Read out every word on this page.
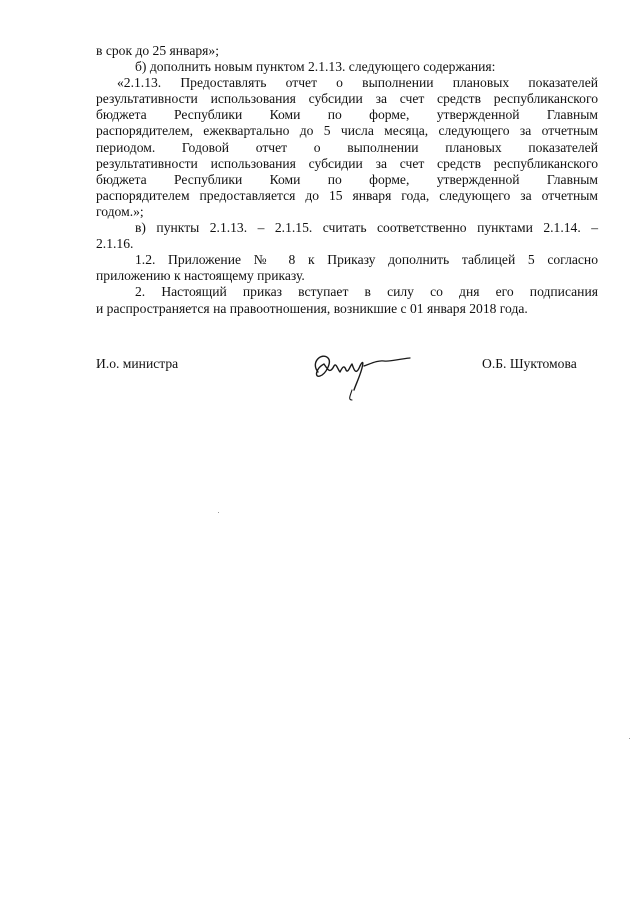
в срок до 25 января»;
б) дополнить новым пунктом 2.1.13. следующего содержания:
«2.1.13. Предоставлять отчет о выполнении плановых показателей
результативности использования субсидии за счет средств республиканского
бюджета Республики Коми по форме, утвержденной Главным
распорядителем, ежеквартально до 5 числа месяца, следующего за отчетным
периодом. Годовой отчет о выполнении плановых показателей
результативности использования субсидии за счет средств республиканского
бюджета Республики Коми по форме, утвержденной Главным
распорядителем предоставляется до 15 января года, следующего за отчетным
годом.»;
в) пункты 2.1.13. – 2.1.15. считать соответственно пунктами 2.1.14. –
2.1.16.
1.2. Приложение № 8 к Приказу дополнить таблицей 5 согласно
приложению к настоящему приказу.
2. Настоящий приказ вступает в силу со дня его подписания
и распространяется на правоотношения, возникшие с 01 января 2018 года.
И.о. министра	О.Б. Шуктомова
